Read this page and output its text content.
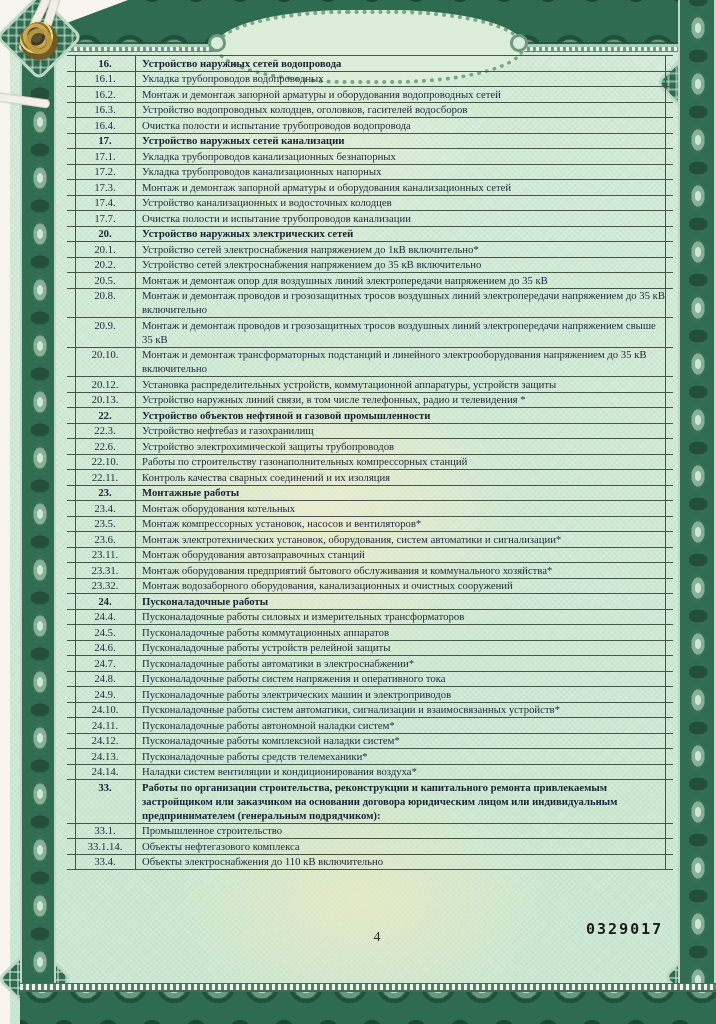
16.	Устройство наружных сетей водопровода
16.1.	Укладка трубопроводов водопроводных
16.2.	Монтаж и демонтаж запорной арматуры и оборудования водопроводных сетей
16.3.	Устройство водопроводных колодцев, оголовков, гасителей водосборов
16.4.	Очистка полости и испытание трубопроводов водопровода
17.	Устройство наружных сетей канализации
17.1.	Укладка трубопроводов канализационных безнапорных
17.2.	Укладка трубопроводов канализационных напорных
17.3.	Монтаж и демонтаж запорной арматуры и оборудования канализационных сетей
17.4.	Устройство канализационных и водосточных колодцев
17.7.	Очистка полости и испытание трубопроводов канализации
20.	Устройство наружных электрических сетей
20.1.	Устройство сетей электроснабжения напряжением до 1кВ включительно*
20.2.	Устройство сетей электроснабжения напряжением до 35 кВ включительно
20.5.	Монтаж и демонтаж опор для воздушных линий электропередачи напряжением до 35 кВ
20.8.	Монтаж и демонтаж проводов и грозозащитных тросов воздушных линий электропередачи напряжением до 35 кВ включительно
20.9.	Монтаж и демонтаж проводов и грозозащитных тросов воздушных линий электропередачи напряжением свыше 35 кВ
20.10.	Монтаж и демонтаж трансформаторных подстанций и линейного электрооборудования напряжением до 35 кВ включительно
20.12.	Установка распределительных устройств, коммутационной аппаратуры, устройств защиты
20.13.	Устройство наружных линий связи, в том числе телефонных, радио и телевидения *
22.	Устройство объектов нефтяной и газовой промышленности
22.3.	Устройство нефтебаз и газохранилищ
22.6.	Устройство электрохимической защиты трубопроводов
22.10.	Работы по строительству газонаполнительных компрессорных станций
22.11.	Контроль качества сварных соединений и их изоляция
23.	Монтажные работы
23.4.	Монтаж оборудования котельных
23.5.	Монтаж компрессорных установок, насосов и вентиляторов*
23.6.	Монтаж электротехнических установок, оборудования, систем автоматики и сигнализации*
23.11.	Монтаж оборудования автозаправочных станций
23.31.	Монтаж оборудования предприятий бытового обслуживания и коммунального хозяйства*
23.32.	Монтаж водозаборного оборудования, канализационных и очистных сооружений
24.	Пусконаладочные работы
24.4.	Пусконаладочные работы силовых и измерительных трансформаторов
24.5.	Пусконаладочные работы коммутационных аппаратов
24.6.	Пусконаладочные работы устройств релейной защиты
24.7.	Пусконаладочные работы автоматики в электроснабжении*
24.8.	Пусконаладочные работы систем напряжения и оперативного тока
24.9.	Пусконаладочные работы электрических машин и электроприводов
24.10.	Пусконаладочные работы систем автоматики, сигнализации и взаимосвязанных устройств*
24.11.	Пусконаладочные работы автономной наладки систем*
24.12.	Пусконаладочные работы комплексной наладки систем*
24.13.	Пусконаладочные работы средств телемеханики*
24.14.	Наладки систем вентиляции и кондиционирования воздуха*
33.	Работы по организации строительства, реконструкции и капитального ремонта привлекаемым застройщиком или заказчиком на основании договора юридическим лицом или индивидуальным предпринимателем (генеральным подрядчиком):
33.1.	Промышленное строительство
33.1.14.	Объекты нефтегазового комплекса
33.4.	Объекты электроснабжения до 110 кВ включительно
4	0329017
